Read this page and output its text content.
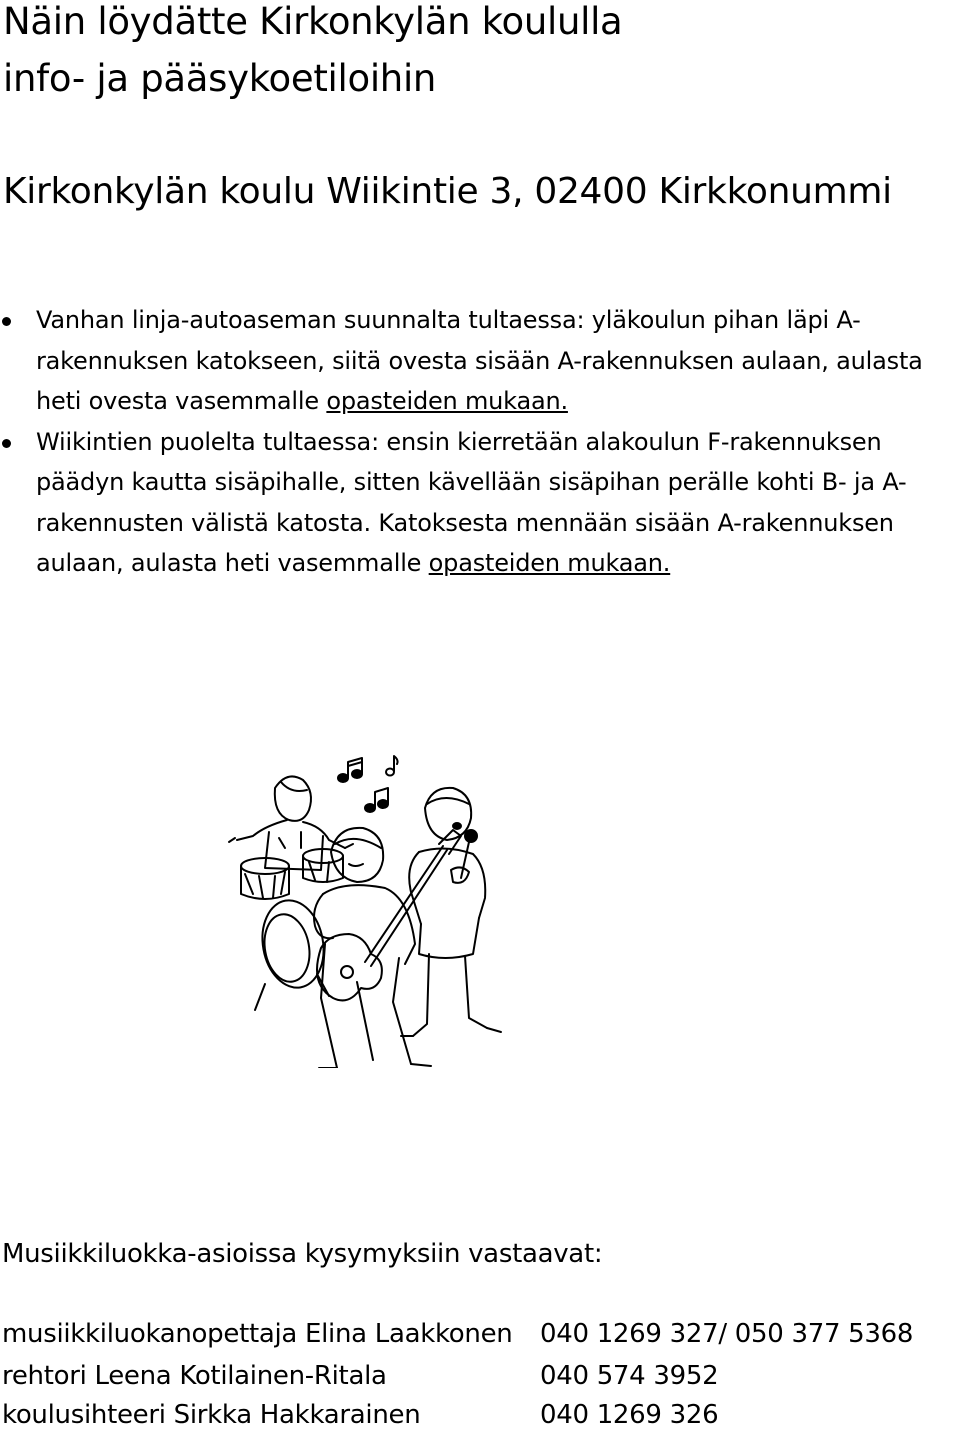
Näin löydätte Kirkonkylän koululla
info- ja pääsykoetiloihin
Kirkonkylän koulu Wiikintie 3, 02400 Kirkkonummi
Vanhan linja-autoaseman suunnalta tultaessa: yläkoulun pihan läpi A-rakennuksen katokseen, siitä ovesta sisään A-rakennuksen aulaan, aulasta heti ovesta vasemmalle opasteiden mukaan.
Wiikintien puolelta tultaessa: ensin kierretään alakoulun F-rakennuksen päädyn kautta sisäpihalle, sitten kävellään sisäpihan perälle kohti B- ja A-rakennusten välistä katosta. Katoksesta mennään sisään A-rakennuksen aulaan, aulasta heti vasemmalle opasteiden mukaan.
Musiikkiluokka-asioissa kysymyksiin vastaavat:
musiikkiluokanopettaja Elina Laakkonen 040 1269 327/ 050 377 5368
rehtori Leena Kotilainen-Ritala	040 574 3952
koulusihteeri Sirkka Hakkarainen	040 1269 326
